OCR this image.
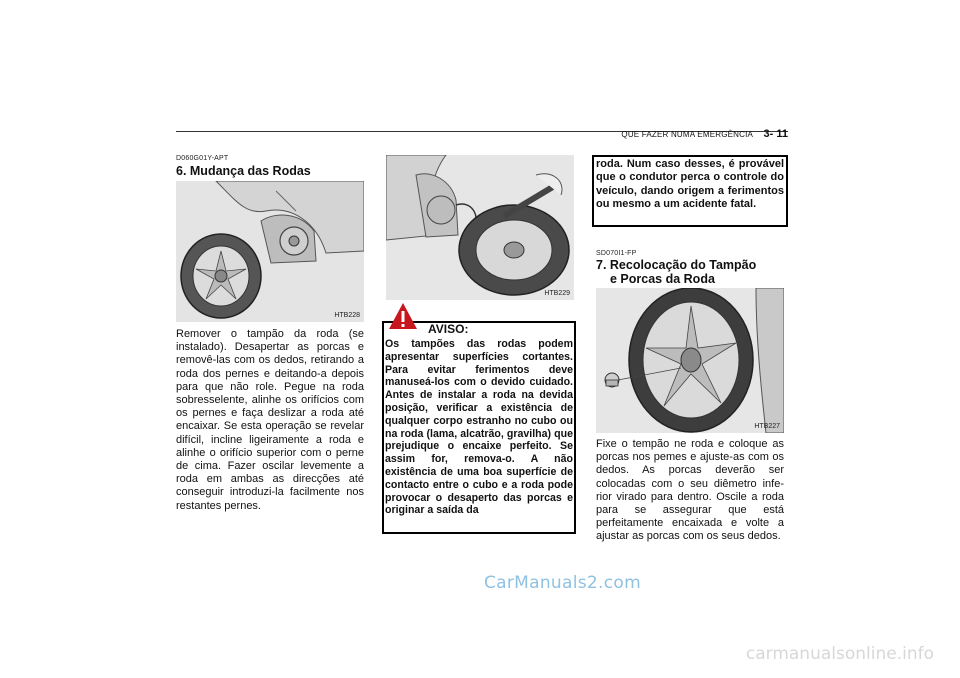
QUE FAZER NUMA EMERGÊNCIA 3- 11
D060G01Y-APT
6. Mudança das Rodas
HTB228

Remover o tampão da roda (se instalado). Desapertar as porcas e removê-las com os dedos, retirando a roda dos pernes e deitando-a depois para que não role. Pegue na roda sobresselente, alinhe os orifícios com os pernes e faça deslizar a roda até encaixar. Se esta operação se revelar difícil, incline ligeiramente a roda e alinhe o orifício superior com o perne de cima. Fazer oscilar levemente a roda em ambas as direcções até conseguir introduzi-la facilmente nos restantes pernes.

HTB229
AVISO:

Os tampões das rodas podem apresentar superfícies cortantes. Para evitar ferimentos deve manuseá-los com o devido cuidado. Antes de instalar a roda na devida posição, verificar a existência de qualquer corpo estranho no cubo ou na roda (lama, alcatrão, gravilha) que prejudique o encaixe perfeito. Se assim for, remova-o. A não existência de uma boa superfície de contacto entre o cubo e a roda pode provocar o desaperto das porcas e originar a saída da

roda. Num caso desses, é provável que o condutor perca o controle do veículo, dando origem a ferimentos ou mesmo a um acidente fatal.

SD070I1-FP
7. Recolocação do Tampão
e Porcas da Roda
HTB227

Fixe o tempão ne roda e coloque as porcas nos pemes e ajuste-as com os dedos. As porcas deverão ser colocadas com o seu diêmetro infe-rior virado para dentro. Oscile a roda para se assegurar que está perfeitamente encaixada e volte a ajustar as porcas com os seus dedos.

CarManuals2.com
carmanualsonline.info
